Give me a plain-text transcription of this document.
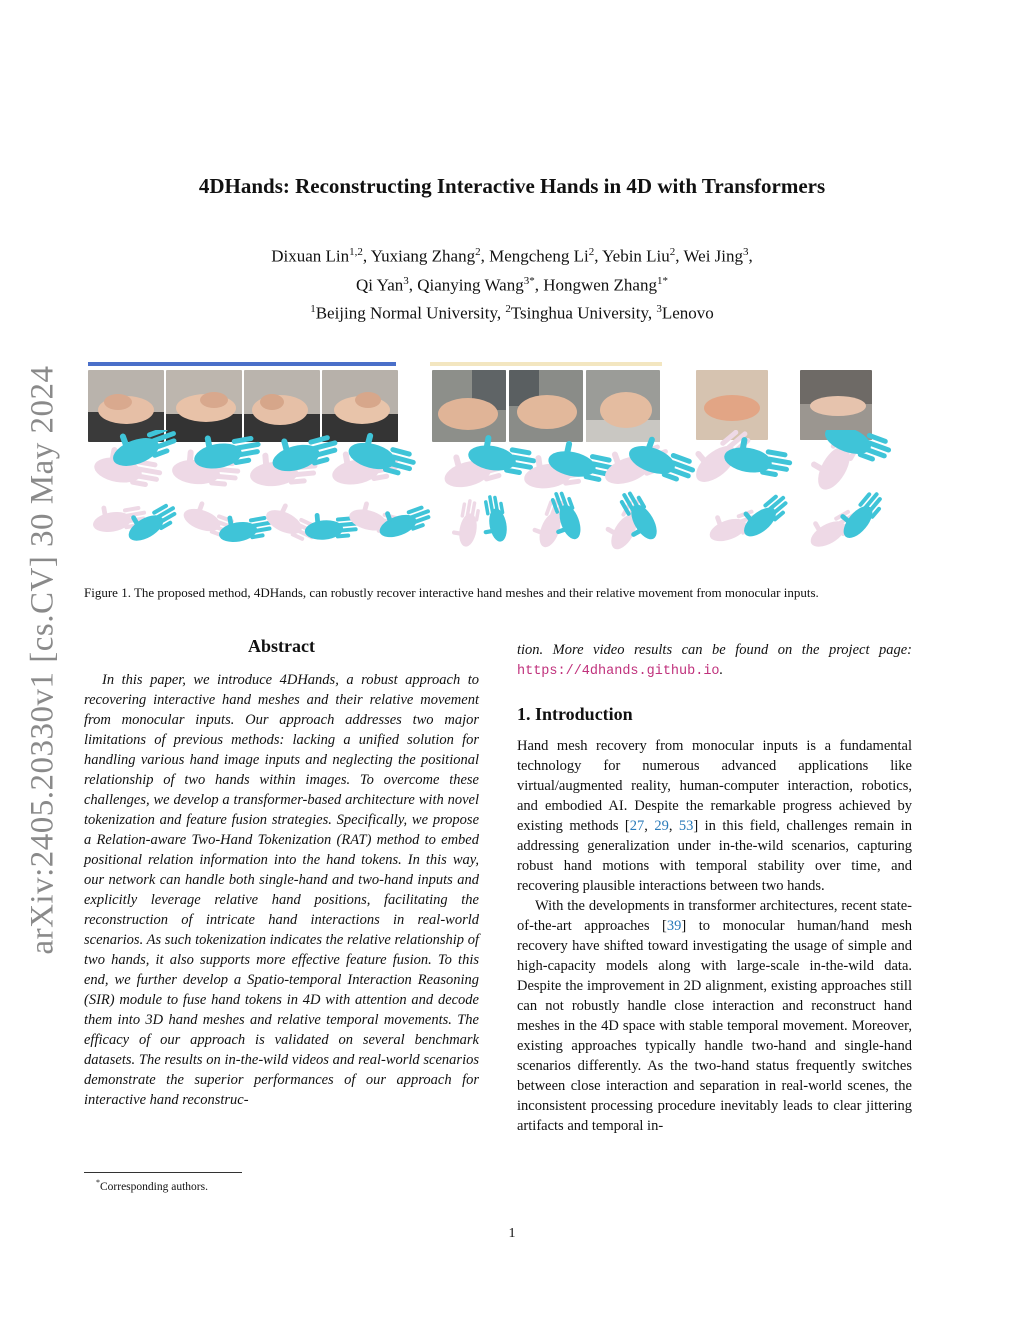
arXiv:2405.20330v1 [cs.CV] 30 May 2024
4DHands: Reconstructing Interactive Hands in 4D with Transformers
Dixuan Lin$^{1,2}$, Yuxiang Zhang$^2$, Mengcheng Li$^2$, Yebin Liu$^2$, Wei Jing$^3$,
Qi Yan$^3$, Qianying Wang$^{3*}$, Hongwen Zhang$^{1*}$
$^1$Beijing Normal University, $^2$Tsinghua University, $^3$Lenovo
Figure 1. The proposed method, 4DHands, can robustly recover interactive hand meshes and their relative movement from monocular inputs.
Abstract

In this paper, we introduce 4DHands, a robust approach to recovering interactive hand meshes and their relative movement from monocular inputs. Our approach addresses two major limitations of previous methods: lacking a unified solution for handling various hand image inputs and neglecting the positional relationship of two hands within images. To overcome these challenges, we develop a transformer-based architecture with novel tokenization and feature fusion strategies. Specifically, we propose a Relation-aware Two-Hand Tokenization (RAT) method to embed positional relation information into the hand tokens. In this way, our network can handle both single-hand and two-hand inputs and explicitly leverage relative hand positions, facilitating the reconstruction of intricate hand interactions in real-world scenarios. As such tokenization indicates the relative relationship of two hands, it also supports more effective feature fusion. To this end, we further develop a Spatio-temporal Interaction Reasoning (SIR) module to fuse hand tokens in 4D with attention and decode them into 3D hand meshes and relative temporal movements. The efficacy of our approach is validated on several benchmark datasets. The results on in-the-wild videos and real-world scenarios demonstrate the superior performances of our approach for interactive hand reconstruc-

tion. More video results can be found on the project page: https://4dhands.github.io.

1. Introduction

Hand mesh recovery from monocular inputs is a fundamental technology for numerous advanced applications like virtual/augmented reality, human-computer interaction, robotics, and embodied AI. Despite the remarkable progress achieved by existing methods [27, 29, 53] in this field, challenges remain in addressing generalization under in-the-wild scenarios, capturing robust hand motions with temporal stability over time, and recovering plausible interactions between two hands.

With the developments in transformer architectures, recent state-of-the-art approaches [39] to monocular human/hand mesh recovery have shifted toward investigating the usage of simple and high-capacity models along with large-scale in-the-wild data. Despite the improvement in 2D alignment, existing approaches still can not robustly handle close interaction and reconstruct hand meshes in the 4D space with stable temporal movement. Moreover, existing approaches typically handle two-hand and single-hand scenarios differently. As the two-hand status frequently switches between close interaction and separation in real-world scenes, the inconsistent processing procedure inevitably leads to clear jittering artifacts and temporal in-

*Corresponding authors.
1
